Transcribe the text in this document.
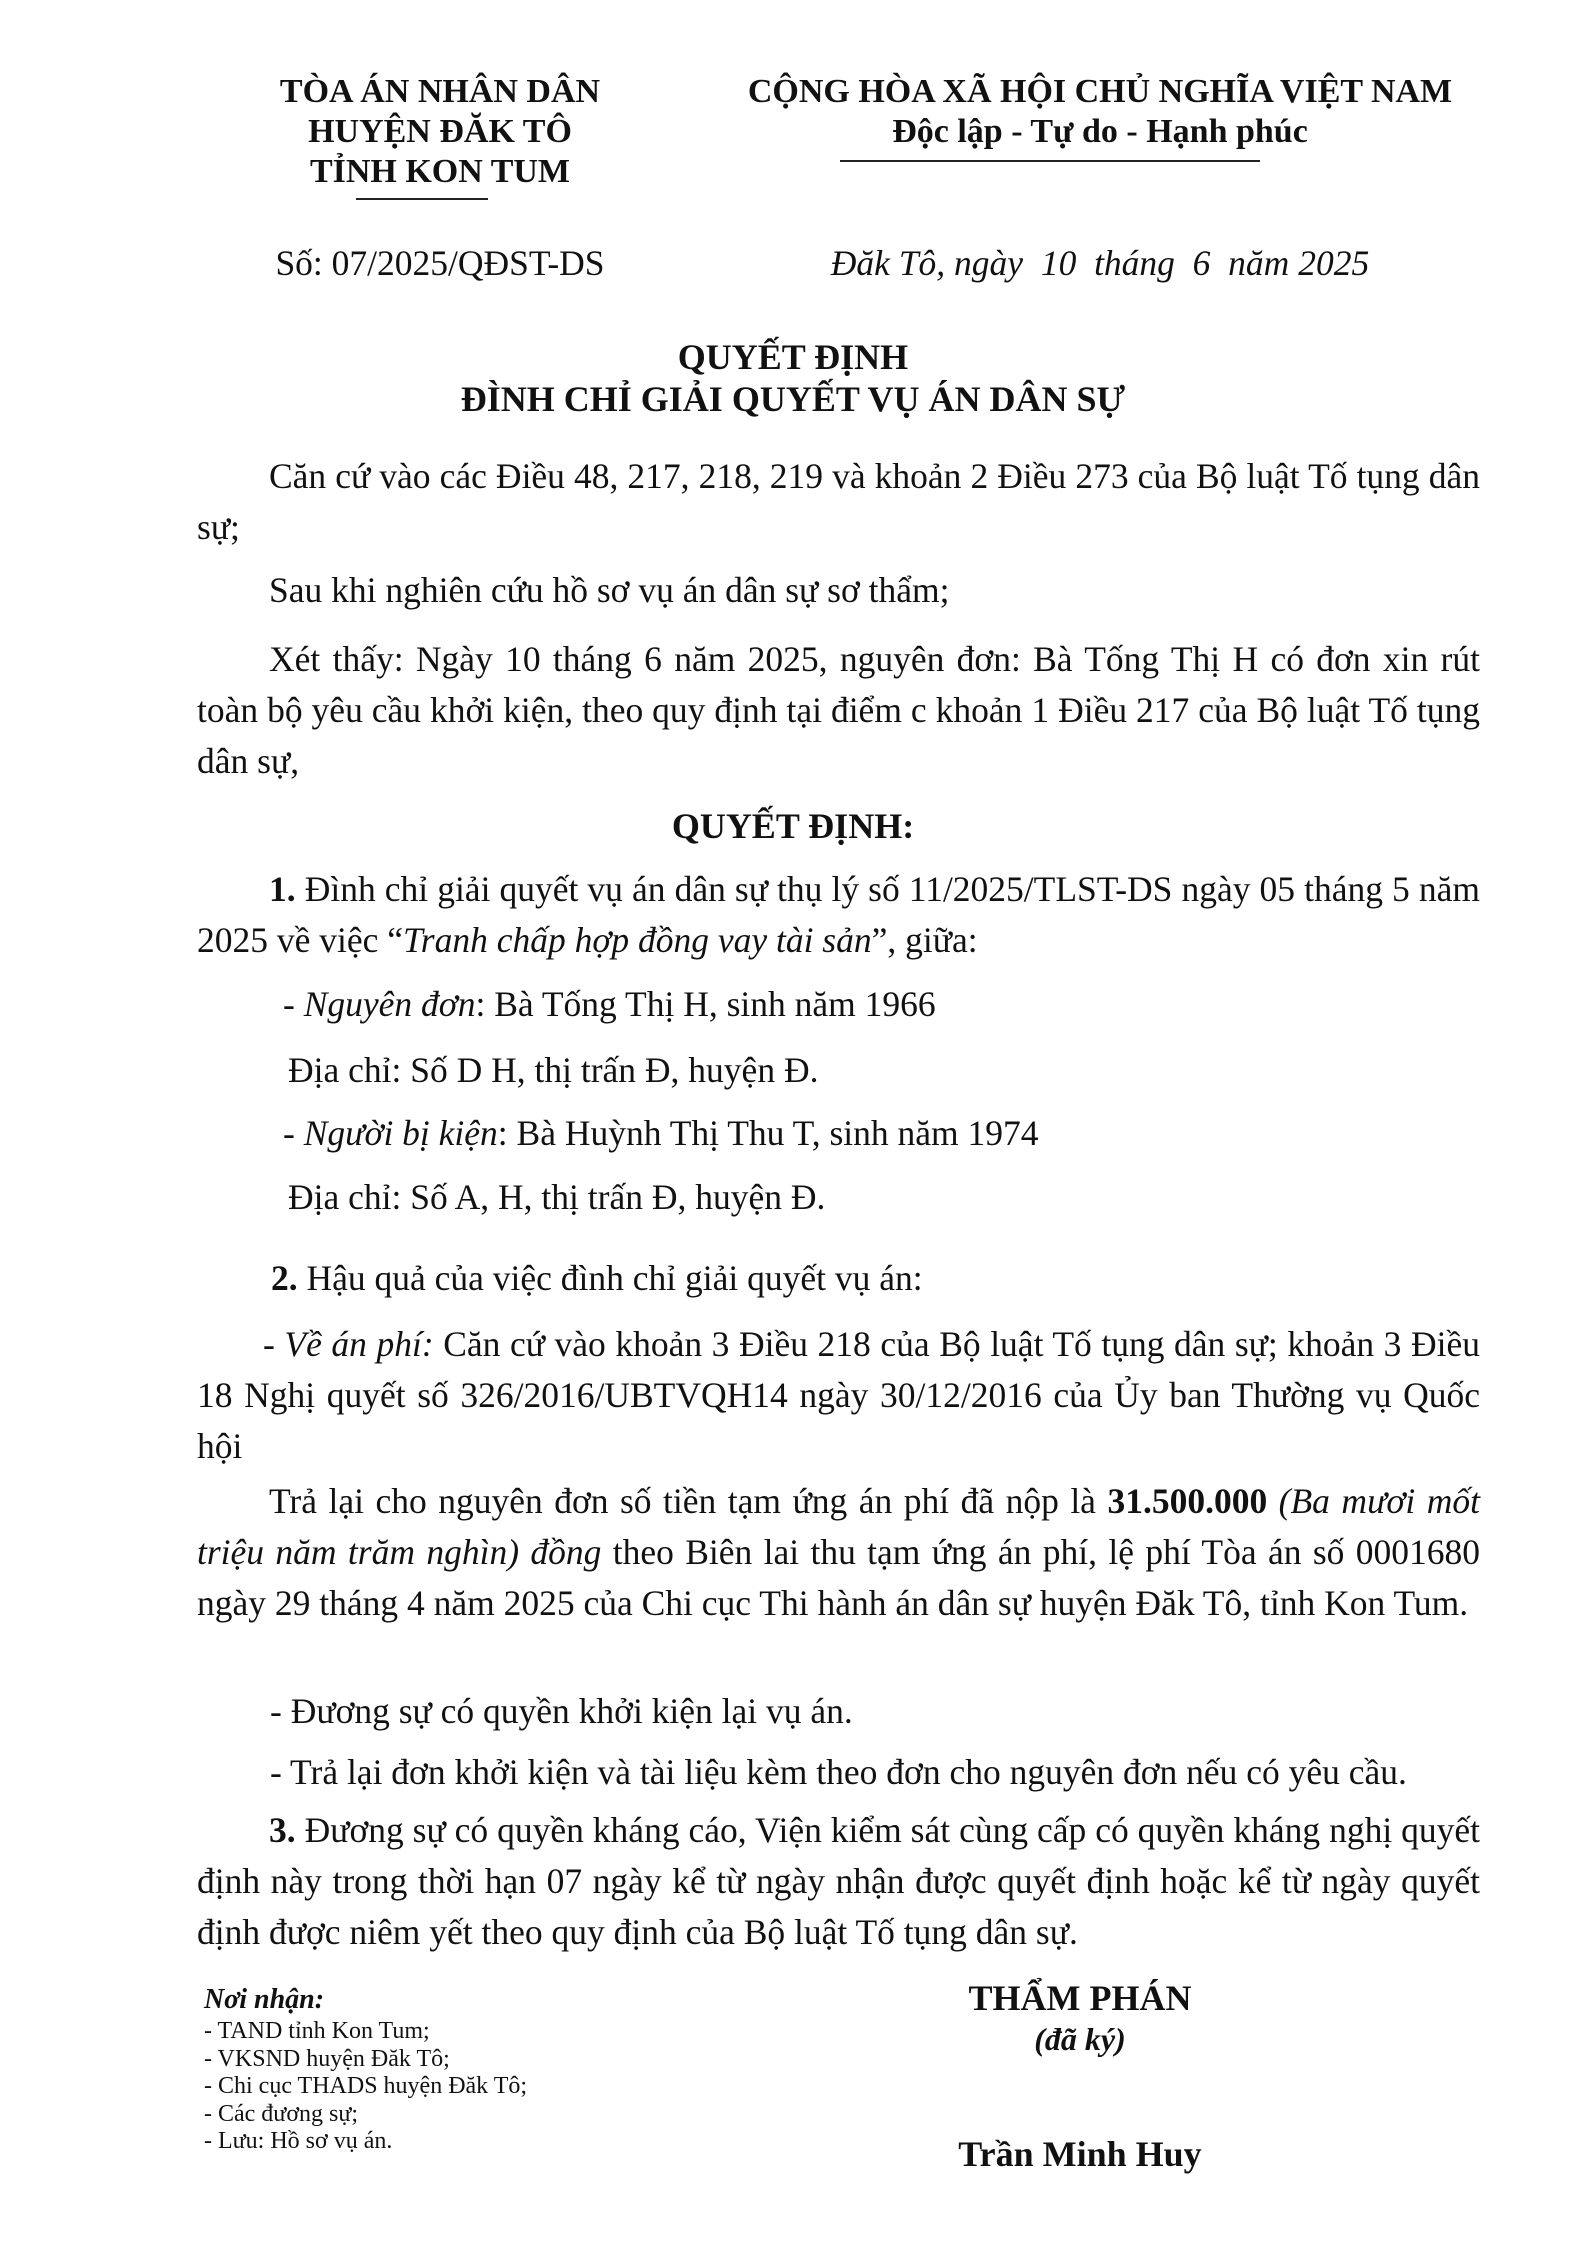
TÒA ÁN NHÂN DÂN
HUYỆN ĐĂK TÔ
TỈNH KON TUM
Số: 07/2025/QĐST-DS
CỘNG HÒA XÃ HỘI CHỦ NGHĨA VIỆT NAM
Độc lập - Tự do - Hạnh phúc
Đăk Tô, ngày  10  tháng  6  năm 2025
QUYẾT ĐỊNH
ĐÌNH CHỈ GIẢI QUYẾT VỤ ÁN DÂN SỰ
Căn cứ vào các Điều 48, 217, 218, 219 và khoản 2 Điều 273 của Bộ luật Tố tụng dân sự;
Sau khi nghiên cứu hồ sơ vụ án dân sự sơ thẩm;
Xét thấy: Ngày 10 tháng 6 năm 2025, nguyên đơn: Bà Tống Thị H có đơn xin rút toàn bộ yêu cầu khởi kiện, theo quy định tại điểm c khoản 1 Điều 217 của Bộ luật Tố tụng dân sự,
QUYẾT ĐỊNH:
1. Đình chỉ giải quyết vụ án dân sự thụ lý số 11/2025/TLST-DS ngày 05 tháng 5 năm 2025 về việc “Tranh chấp hợp đồng vay tài sản”, giữa:
- Nguyên đơn: Bà Tống Thị H, sinh năm 1966
Địa chỉ: Số D H, thị trấn Đ, huyện Đ.
- Người bị kiện: Bà Huỳnh Thị Thu T, sinh năm 1974
Địa chỉ: Số A, H, thị trấn Đ, huyện Đ.
2. Hậu quả của việc đình chỉ giải quyết vụ án:
- Về án phí: Căn cứ vào khoản 3 Điều 218 của Bộ luật Tố tụng dân sự; khoản 3 Điều 18 Nghị quyết số 326/2016/UBTVQH14 ngày 30/12/2016 của Ủy ban Thường vụ Quốc hội
Trả lại cho nguyên đơn số tiền tạm ứng án phí đã nộp là 31.500.000 (Ba mươi mốt triệu năm trăm nghìn) đồng theo Biên lai thu tạm ứng án phí, lệ phí Tòa án số 0001680 ngày 29 tháng 4 năm 2025 của Chi cục Thi hành án dân sự huyện Đăk Tô, tỉnh Kon Tum.
- Đương sự có quyền khởi kiện lại vụ án.
- Trả lại đơn khởi kiện và tài liệu kèm theo đơn cho nguyên đơn nếu có yêu cầu.
3. Đương sự có quyền kháng cáo, Viện kiểm sát cùng cấp có quyền kháng nghị quyết định này trong thời hạn 07 ngày kể từ ngày nhận được quyết định hoặc kể từ ngày quyết định được niêm yết theo quy định của Bộ luật Tố tụng dân sự.
Nơi nhận:
- TAND tỉnh Kon Tum;
- VKSND huyện Đăk Tô;
- Chi cục THADS huyện Đăk Tô;
- Các đương sự;
- Lưu: Hồ sơ vụ án.
THẨM PHÁN
(đã ký)
Trần Minh Huy
